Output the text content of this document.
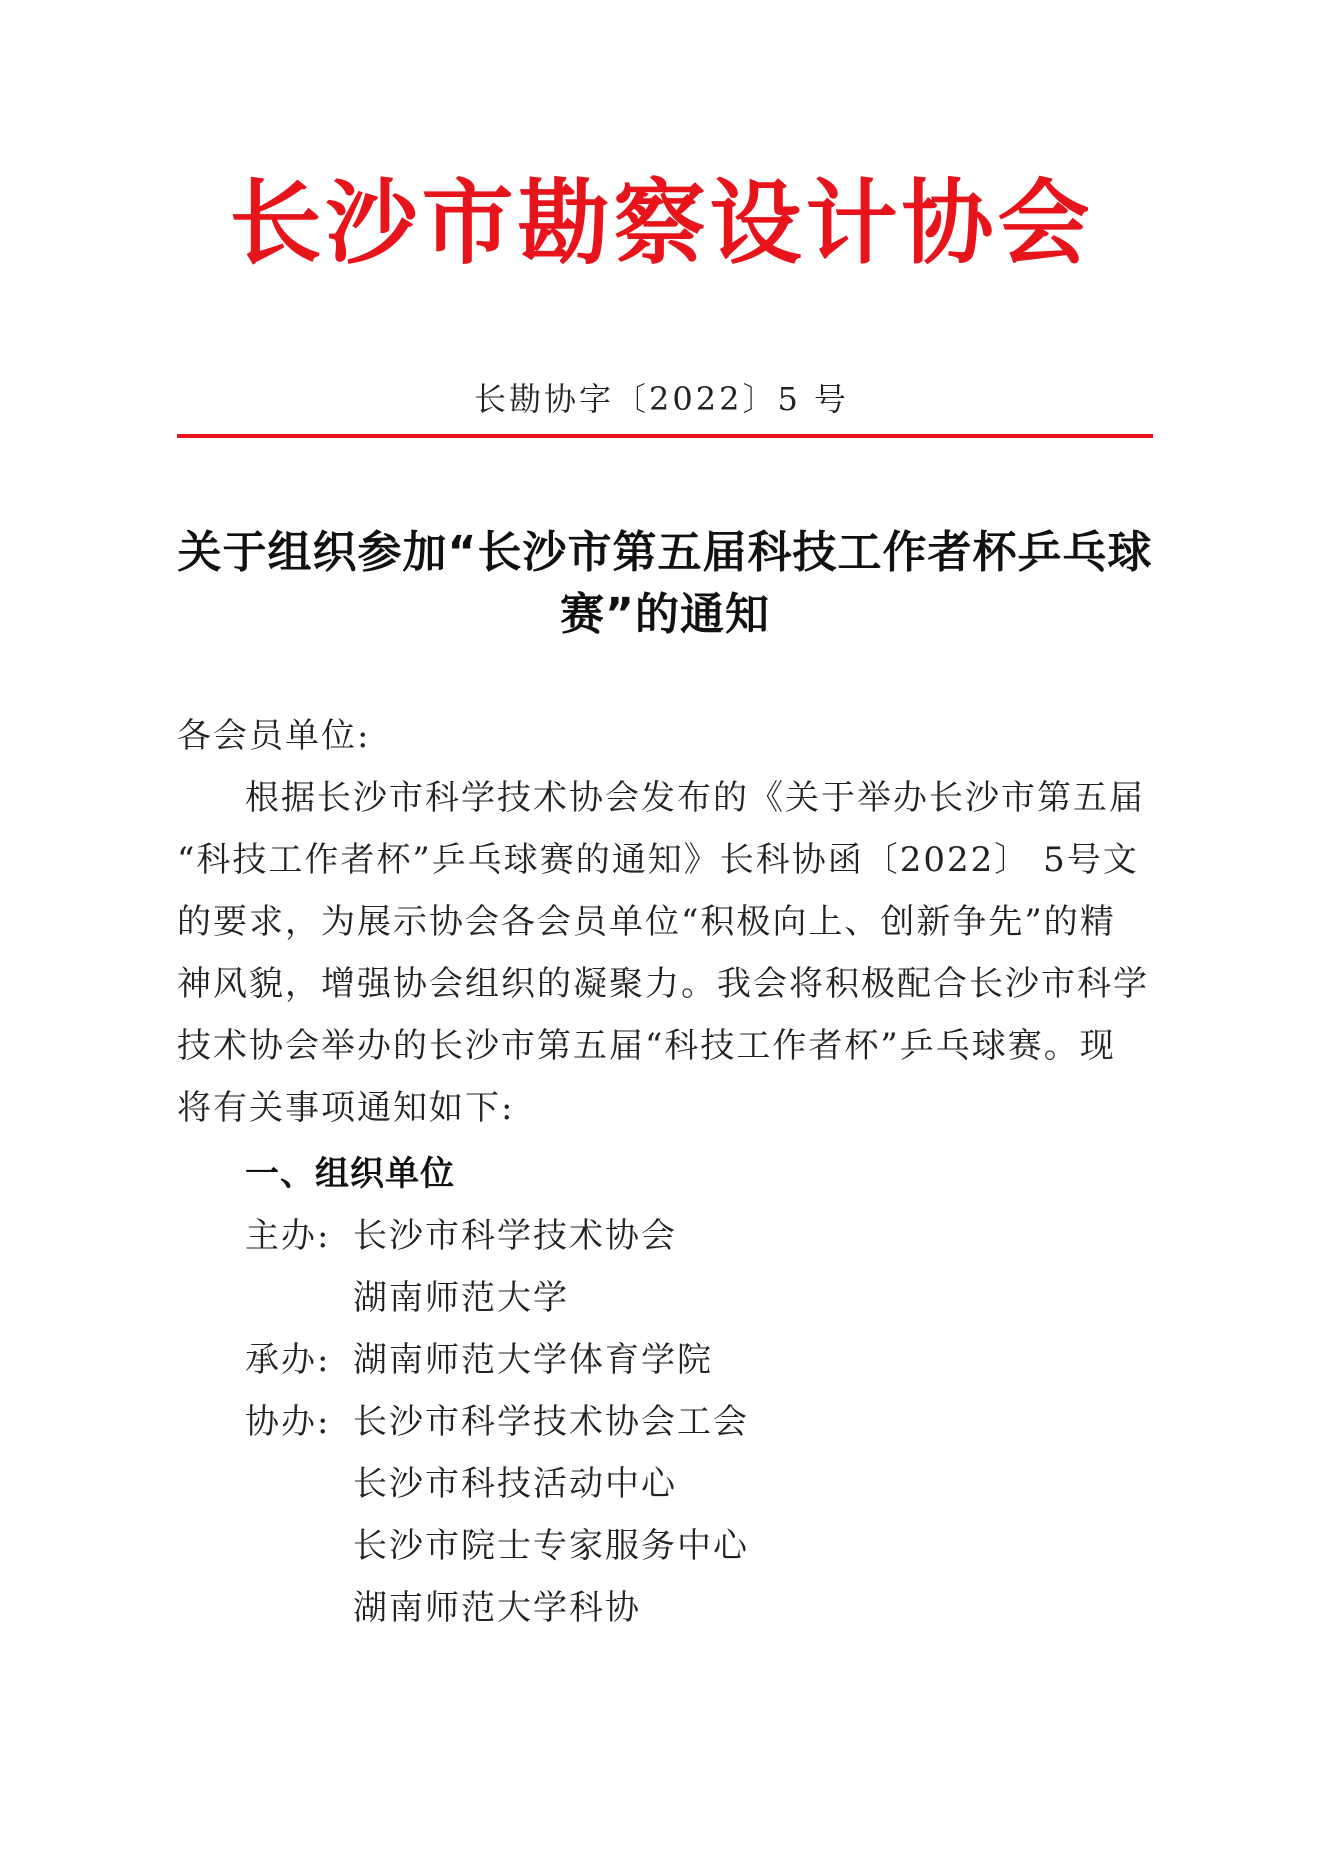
长沙市勘察设计协会
长勘协字〔2022〕5 号
关于组织参加“长沙市第五届科技工作者杯乒乓球
赛”的通知
各会员单位:
根据长沙市科学技术协会发布的《关于举办长沙市第五届
“科技工作者杯”乒乓球赛的通知》长科协函〔2022〕 5号文
的要求，为展示协会各会员单位“积极向上、创新争先”的精
神风貌，增强协会组织的凝聚力。我会将积极配合长沙市科学
技术协会举办的长沙市第五届“科技工作者杯”乒乓球赛。现
将有关事项通知如下:
一、组织单位
主办: 长沙市科学技术协会
湖南师范大学
承办: 湖南师范大学体育学院
协办: 长沙市科学技术协会工会
长沙市科技活动中心
长沙市院士专家服务中心
湖南师范大学科协
